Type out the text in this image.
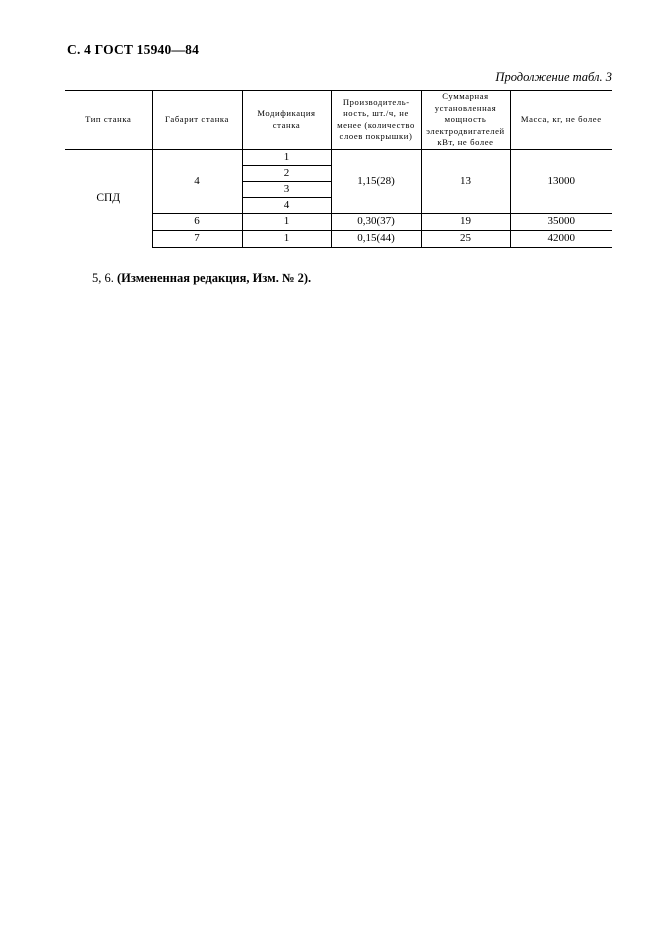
С. 4 ГОСТ 15940—84
Продолжение табл. 3
Тип станка	Габарит станка	Модификация станка	Производительность, шт./ч, не менее (количество слоев покрышки)	Суммарная установленная мощность электродвигателей кВт, не более	Масса, кг, не более
СПД	4	1	1,15(28)	13	13000
		2			
		3			
		4			
	6	1	0,30(37)	19	35000
	7	1	0,15(44)	25	42000
5, 6. (Измененная редакция, Изм. № 2).
